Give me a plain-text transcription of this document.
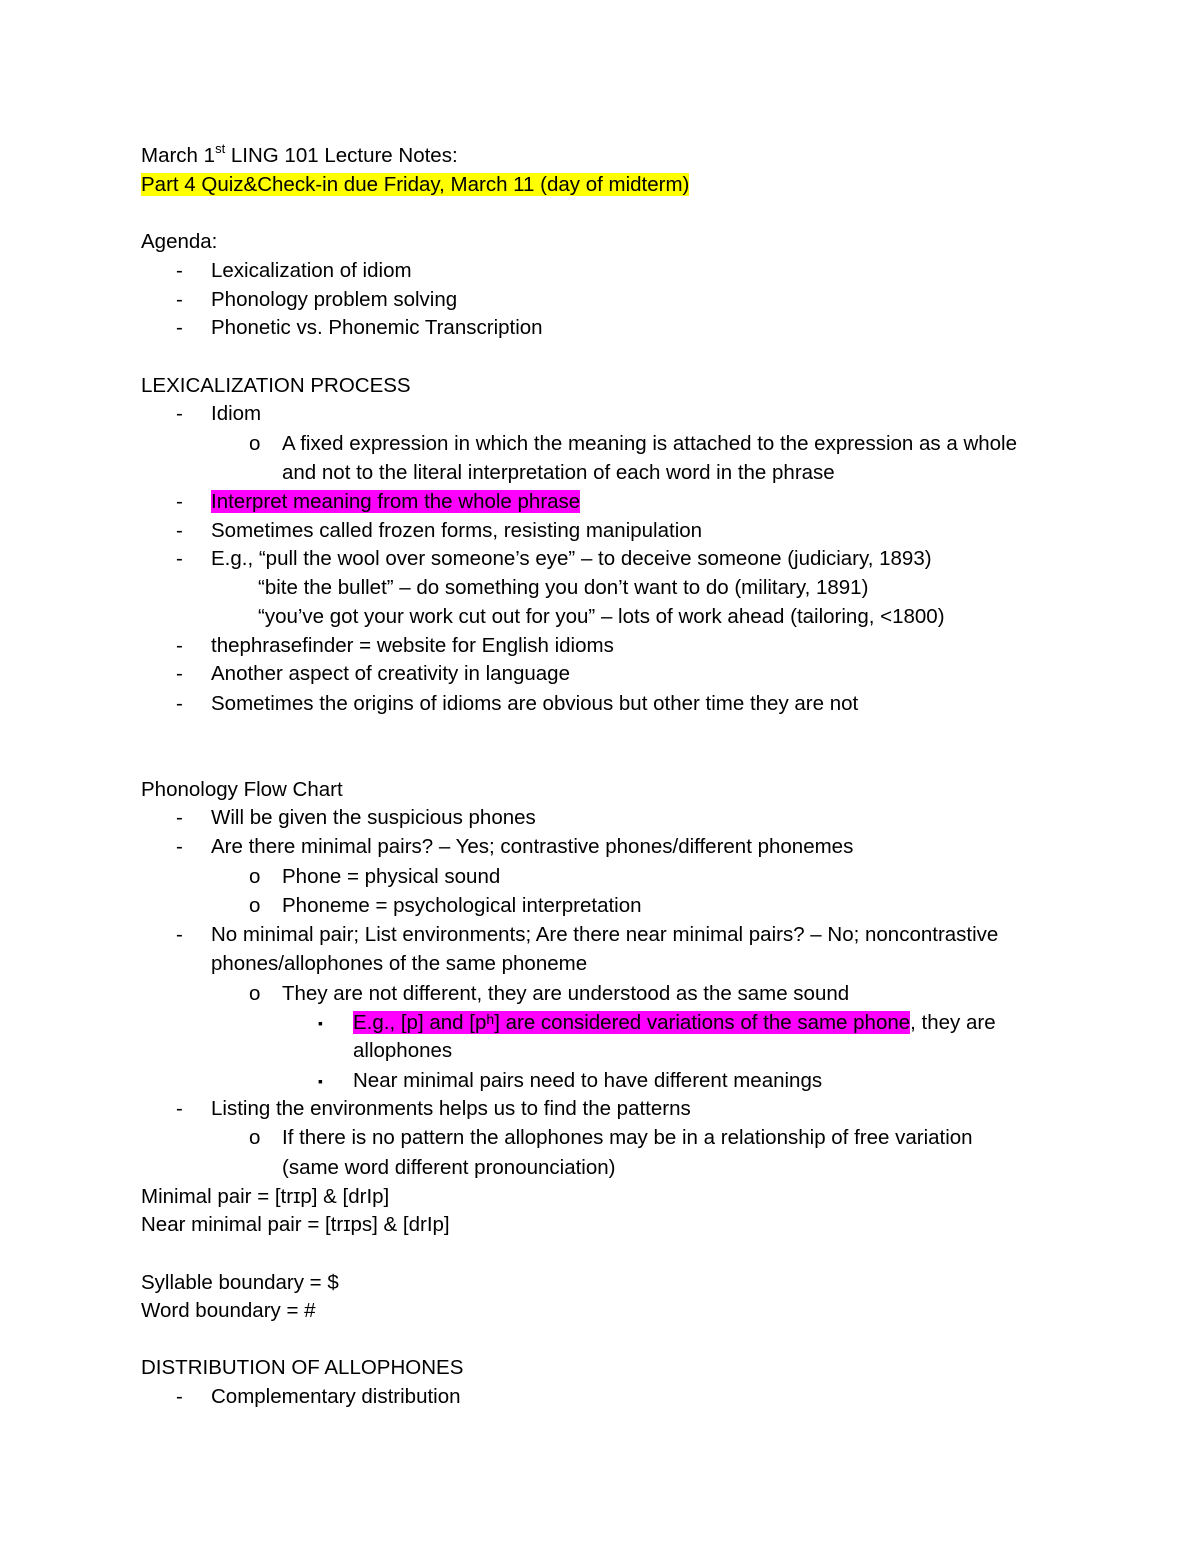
March 1st LING 101 Lecture Notes:
Part 4 Quiz&Check-in due Friday, March 11 (day of midterm)
Agenda:
- Lexicalization of idiom
- Phonology problem solving
- Phonetic vs. Phonemic Transcription
LEXICALIZATION PROCESS
- Idiom
o A fixed expression in which the meaning is attached to the expression as a whole
and not to the literal interpretation of each word in the phrase
- Interpret meaning from the whole phrase
- Sometimes called frozen forms, resisting manipulation
- E.g., “pull the wool over someone’s eye” – to deceive someone (judiciary, 1893)
“bite the bullet” – do something you don’t want to do (military, 1891)
“you’ve got your work cut out for you” – lots of work ahead (tailoring, <1800)
- thephrasefinder = website for English idioms
- Another aspect of creativity in language
- Sometimes the origins of idioms are obvious but other time they are not
Phonology Flow Chart
- Will be given the suspicious phones
- Are there minimal pairs? – Yes; contrastive phones/different phonemes
o Phone = physical sound
o Phoneme = psychological interpretation
- No minimal pair; List environments; Are there near minimal pairs? – No; noncontrastive
phones/allophones of the same phoneme
o They are not different, they are understood as the same sound
▪ E.g., [p] and [pʰ] are considered variations of the same phone, they are
allophones
▪ Near minimal pairs need to have different meanings
- Listing the environments helps us to find the patterns
o If there is no pattern the allophones may be in a relationship of free variation
(same word different pronounciation)
Minimal pair = [trɪp] & [drIp]
Near minimal pair = [trɪps] & [drIp]
Syllable boundary = $
Word boundary = #
DISTRIBUTION OF ALLOPHONES
- Complementary distribution
